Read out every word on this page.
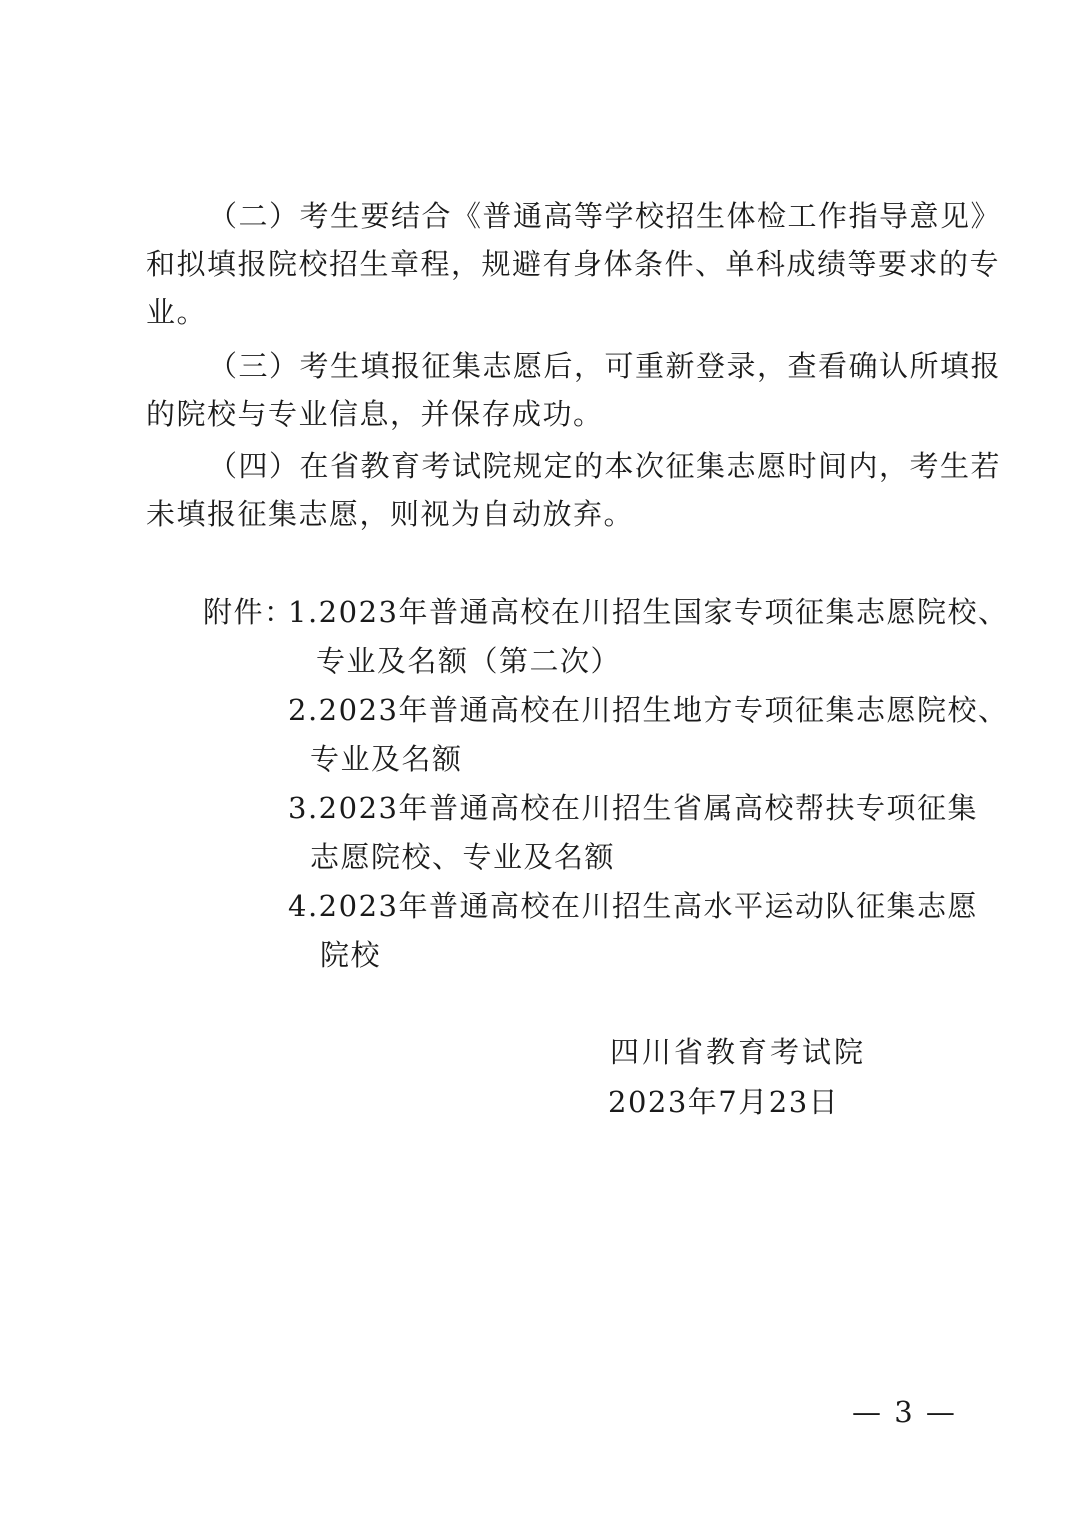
（二）考生要结合《普通高等学校招生体检工作指导意见》
和拟填报院校招生章程，规避有身体条件、单科成绩等要求的专
业。
（三）考生填报征集志愿后，可重新登录，查看确认所填报
的院校与专业信息，并保存成功。
（四）在省教育考试院规定的本次征集志愿时间内，考生若
未填报征集志愿，则视为自动放弃。
附件：
1.2023年普通高校在川招生国家专项征集志愿院校、
专业及名额（第二次）
2.2023年普通高校在川招生地方专项征集志愿院校、
专业及名额
3.2023年普通高校在川招生省属高校帮扶专项征集
志愿院校、专业及名额
4.2023年普通高校在川招生高水平运动队征集志愿
院校
四川省教育考试院
2023年7月23日
— 3 —
